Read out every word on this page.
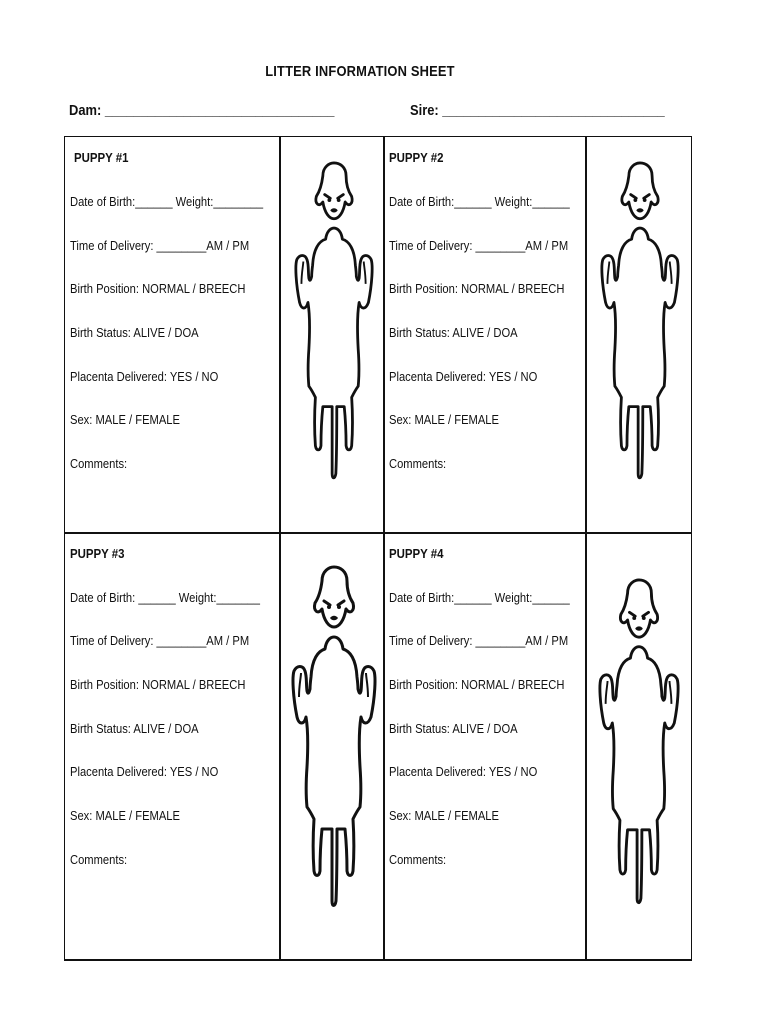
LITTER INFORMATION SHEET
Dam: ________________________________	Sire: _______________________________
PUPPY #1
Date of Birth:______ Weight:________
Time of Delivery: ________AM / PM
Birth Position: NORMAL / BREECH
Birth Status: ALIVE / DOA
Placenta Delivered: YES / NO
Sex: MALE / FEMALE
Comments:
PUPPY #2
Date of Birth:______ Weight:______
Time of Delivery: ________AM / PM
Birth Position: NORMAL / BREECH
Birth Status: ALIVE / DOA
Placenta Delivered: YES / NO
Sex: MALE / FEMALE
Comments:
PUPPY #3
Date of Birth: ______ Weight:_______
Time of Delivery: ________AM / PM
Birth Position: NORMAL / BREECH
Birth Status: ALIVE / DOA
Placenta Delivered: YES / NO
Sex: MALE / FEMALE
Comments:
PUPPY #4
Date of Birth:______ Weight:______
Time of Delivery: ________AM / PM
Birth Position: NORMAL / BREECH
Birth Status: ALIVE / DOA
Placenta Delivered: YES / NO
Sex: MALE / FEMALE
Comments:
